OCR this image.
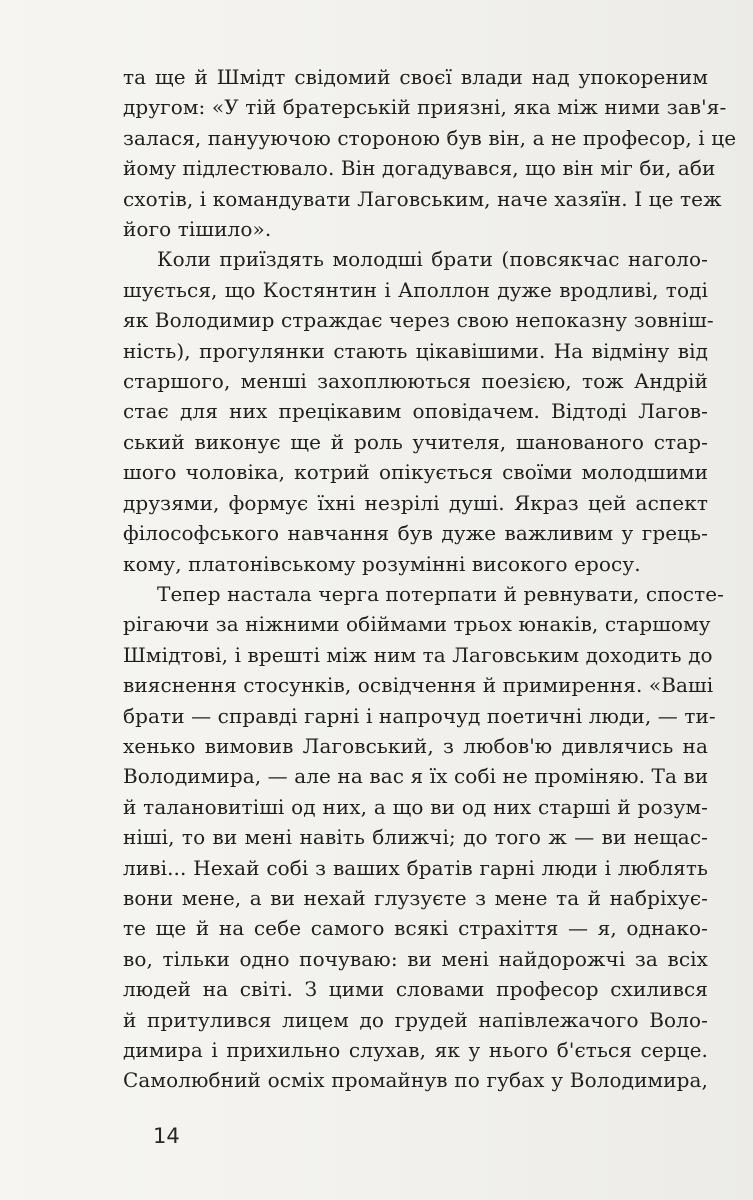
та ще й Шмідт свідомий своєї влади над упокореним
другом: «У тій братерській приязні, яка між ними зав'я-
залася, панууючою стороною був він, а не професор, і це
йому підлестювало. Він догадувався, що він міг би, аби
схотів, і командувати Лаговським, наче хазяїн. І це теж
його тішило».
Коли приїздять молодші брати (повсякчас наголо-
шується, що Костянтин і Аполлон дуже вродливі, тоді
як Володимир страждає через свою непоказну зовніш-
ність), прогулянки стають цікавішими. На відміну від
старшого, менші захоплюються поезією, тож Андрій
стає для них прецікавим оповідачем. Відтоді Лагов-
ський виконує ще й роль учителя, шанованого стар-
шого чоловіка, котрий опікується своїми молодшими
друзями, формує їхні незрілі душі. Якраз цей аспект
філософського навчання був дуже важливим у грець-
кому, платонівському розумінні високого еросу.
Тепер настала черга потерпати й ревнувати, спосте-
рігаючи за ніжними обіймами трьох юнаків, старшому
Шмідтові, і врешті між ним та Лаговським доходить до
вияснення стосунків, освідчення й примирення. «Ваші
брати — справді гарні і напрочуд поетичні люди, — ти-
хенько вимовив Лаговський, з любов'ю дивлячись на
Володимира, — але на вас я їх собі не проміняю. Та ви
й талановитіші од них, а що ви од них старші й розум-
ніші, то ви мені навіть ближчі; до того ж — ви нещас-
ливі... Нехай собі з ваших братів гарні люди і люблять
вони мене, а ви нехай глузуєте з мене та й набріхує-
те ще й на себе самого всякі страхіття — я, однако-
во, тільки одно почуваю: ви мені найдорожчі за всіх
людей на світі. З цими словами професор схилився
й притулився лицем до грудей напівлежачого Воло-
димира і прихильно слухав, як у нього б'ється серце.
Самолюбний осміх промайнув по губах у Володимира,
14
